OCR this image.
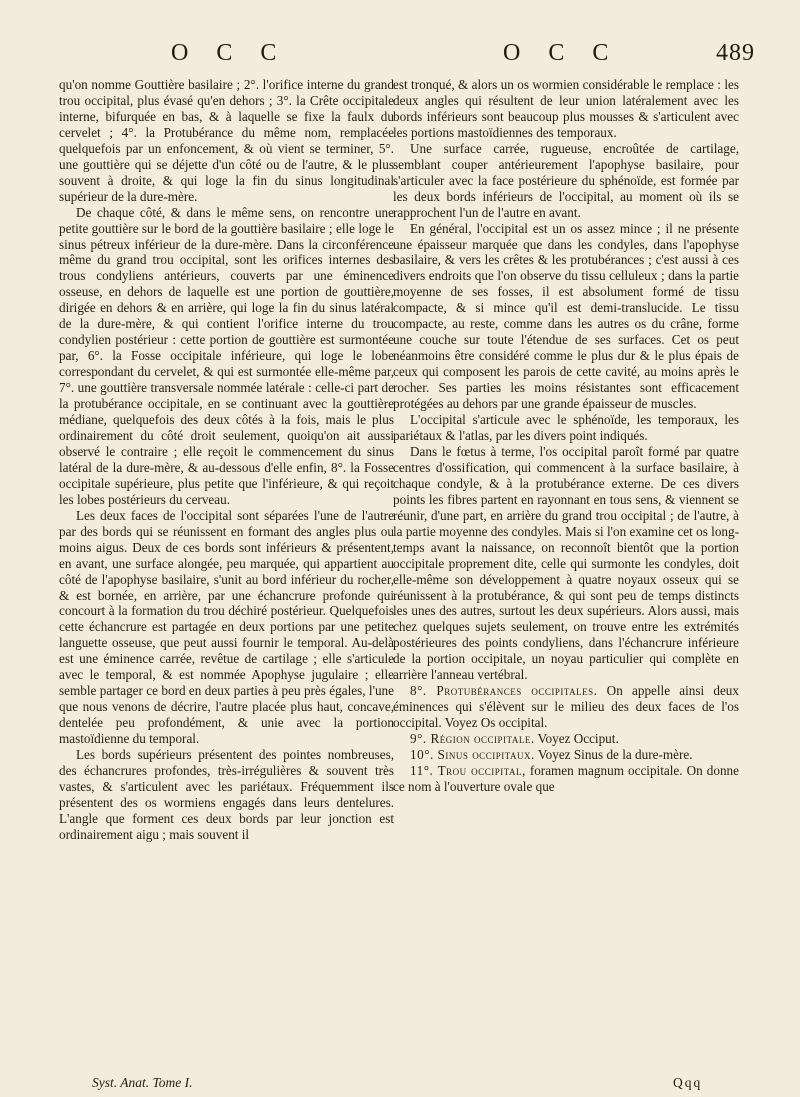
O C C	O C C	489

qu'on nomme Gouttière basilaire ; 2°. l'orifice interne du grand trou occipital, plus évasé qu'en dehors ; 3°. la Crête occipitale interne, bifurquée en bas, & à laquelle se fixe la faulx du cervelet ; 4°. la Protubérance du même nom, remplacée quelquefois par un enfoncement, & où vient se terminer, 5°. une gouttière qui se déjette d'un côté ou de l'autre, & le plus souvent à droite, & qui loge la fin du sinus longitudinal supérieur de la dure-mère.

De chaque côté, & dans le même sens, on rencontre une petite gouttière sur le bord de la gouttière basilaire ; elle loge le sinus pétreux inférieur de la dure-mère. Dans la circonférence même du grand trou occipital, sont les orifices internes des trous condyliens antérieurs, couverts par une éminence osseuse, en dehors de laquelle est une portion de gouttière, dirigée en dehors & en arrière, qui loge la fin du sinus latéral de la dure-mère, & qui contient l'orifice interne du trou condylien postérieur : cette portion de gouttière est surmontée par, 6°. la Fosse occipitale inférieure, qui loge le lobe correspondant du cervelet, & qui est surmontée elle-même par, 7°. une gouttière transversale nommée latérale : celle-ci part de la protubérance occipitale, en se continuant avec la gouttière médiane, quelquefois des deux côtés à la fois, mais le plus ordinairement du côté droit seulement, quoiqu'on ait aussi observé le contraire ; elle reçoit le commencement du sinus latéral de la dure-mère, & au-dessous d'elle enfin, 8°. la Fosse occipitale supérieure, plus petite que l'inférieure, & qui reçoit les lobes postérieurs du cerveau.

Les deux faces de l'occipital sont séparées l'une de l'autre par des bords qui se réunissent en formant des angles plus ou moins aigus. Deux de ces bords sont inférieurs & présentent, en avant, une surface alongée, peu marquée, qui appartient au côté de l'apophyse basilaire, s'unit au bord inférieur du rocher, & est bornée, en arrière, par une échancrure profonde qui concourt à la formation du trou déchiré postérieur. Quelquefois cette échancrure est partagée en deux portions par une petite languette osseuse, que peut aussi fournir le temporal. Au-delà est une éminence carrée, revêtue de cartilage ; elle s'articule avec le temporal, & est nommée Apophyse jugulaire ; elle semble partager ce bord en deux parties à peu près égales, l'une que nous venons de décrire, l'autre placée plus haut, concave, dentelée peu profondément, & unie avec la portion mastoïdienne du temporal.

Les bords supérieurs présentent des pointes nombreuses, des échancrures profondes, très-irrégulières & souvent très vastes, & s'articulent avec les pariétaux. Fréquemment ils présentent des os wormiens engagés dans leurs dentelures. L'angle que forment ces deux bords par leur jonction est ordinairement aigu ; mais souvent il

est tronqué, & alors un os wormien considérable le remplace : les deux angles qui résultent de leur union latéralement avec les bords inférieurs sont beaucoup plus mousses & s'articulent avec les portions mastoïdiennes des temporaux.

Une surface carrée, rugueuse, encroûtée de cartilage, semblant couper antérieurement l'apophyse basilaire, pour s'articuler avec la face postérieure du sphénoïde, est formée par les deux bords inférieurs de l'occipital, au moment où ils se rapprochent l'un de l'autre en avant.

En général, l'occipital est un os assez mince ; il ne présente une épaisseur marquée que dans les condyles, dans l'apophyse basilaire, & vers les crêtes & les protubérances ; c'est aussi à ces divers endroits que l'on observe du tissu celluleux ; dans la partie moyenne de ses fosses, il est absolument formé de tissu compacte, & si mince qu'il est demi-translucide. Le tissu compacte, au reste, comme dans les autres os du crâne, forme une couche sur toute l'étendue de ses surfaces. Cet os peut néanmoins être considéré comme le plus dur & le plus épais de ceux qui composent les parois de cette cavité, au moins après le rocher. Ses parties les moins résistantes sont efficacement protégées au dehors par une grande épaisseur de muscles.

L'occipital s'articule avec le sphénoïde, les temporaux, les pariétaux & l'atlas, par les divers point indiqués.

Dans le fœtus à terme, l'os occipital paroît formé par quatre centres d'ossification, qui commencent à la surface basilaire, à chaque condyle, & à la protubérance externe. De ces divers points les fibres partent en rayonnant en tous sens, & viennent se réunir, d'une part, en arrière du grand trou occipital ; de l'autre, à la partie moyenne des condyles. Mais si l'on examine cet os long-temps avant la naissance, on reconnoît bientôt que la portion occipitale proprement dite, celle qui surmonte les condyles, doit elle-même son développement à quatre noyaux osseux qui se réunissent à la protubérance, & qui sont peu de temps distincts les unes des autres, surtout les deux supérieurs. Alors aussi, mais chez quelques sujets seulement, on trouve entre les extrémités postérieures des points condyliens, dans l'échancrure inférieure de la portion occipitale, un noyau particulier qui complète en arrière l'anneau vertébral.

8°. Protubérances occipitales. On appelle ainsi deux éminences qui s'élèvent sur le milieu des deux faces de l'os occipital. Voyez Os occipital.

9°. Région occipitale. Voyez Occiput.

10°. Sinus occipitaux. Voyez Sinus de la dure-mère.

11°. Trou occipital, foramen magnum occipitale. On donne ce nom à l'ouverture ovale que

Syst. Anat. Tome I.	Qqq
